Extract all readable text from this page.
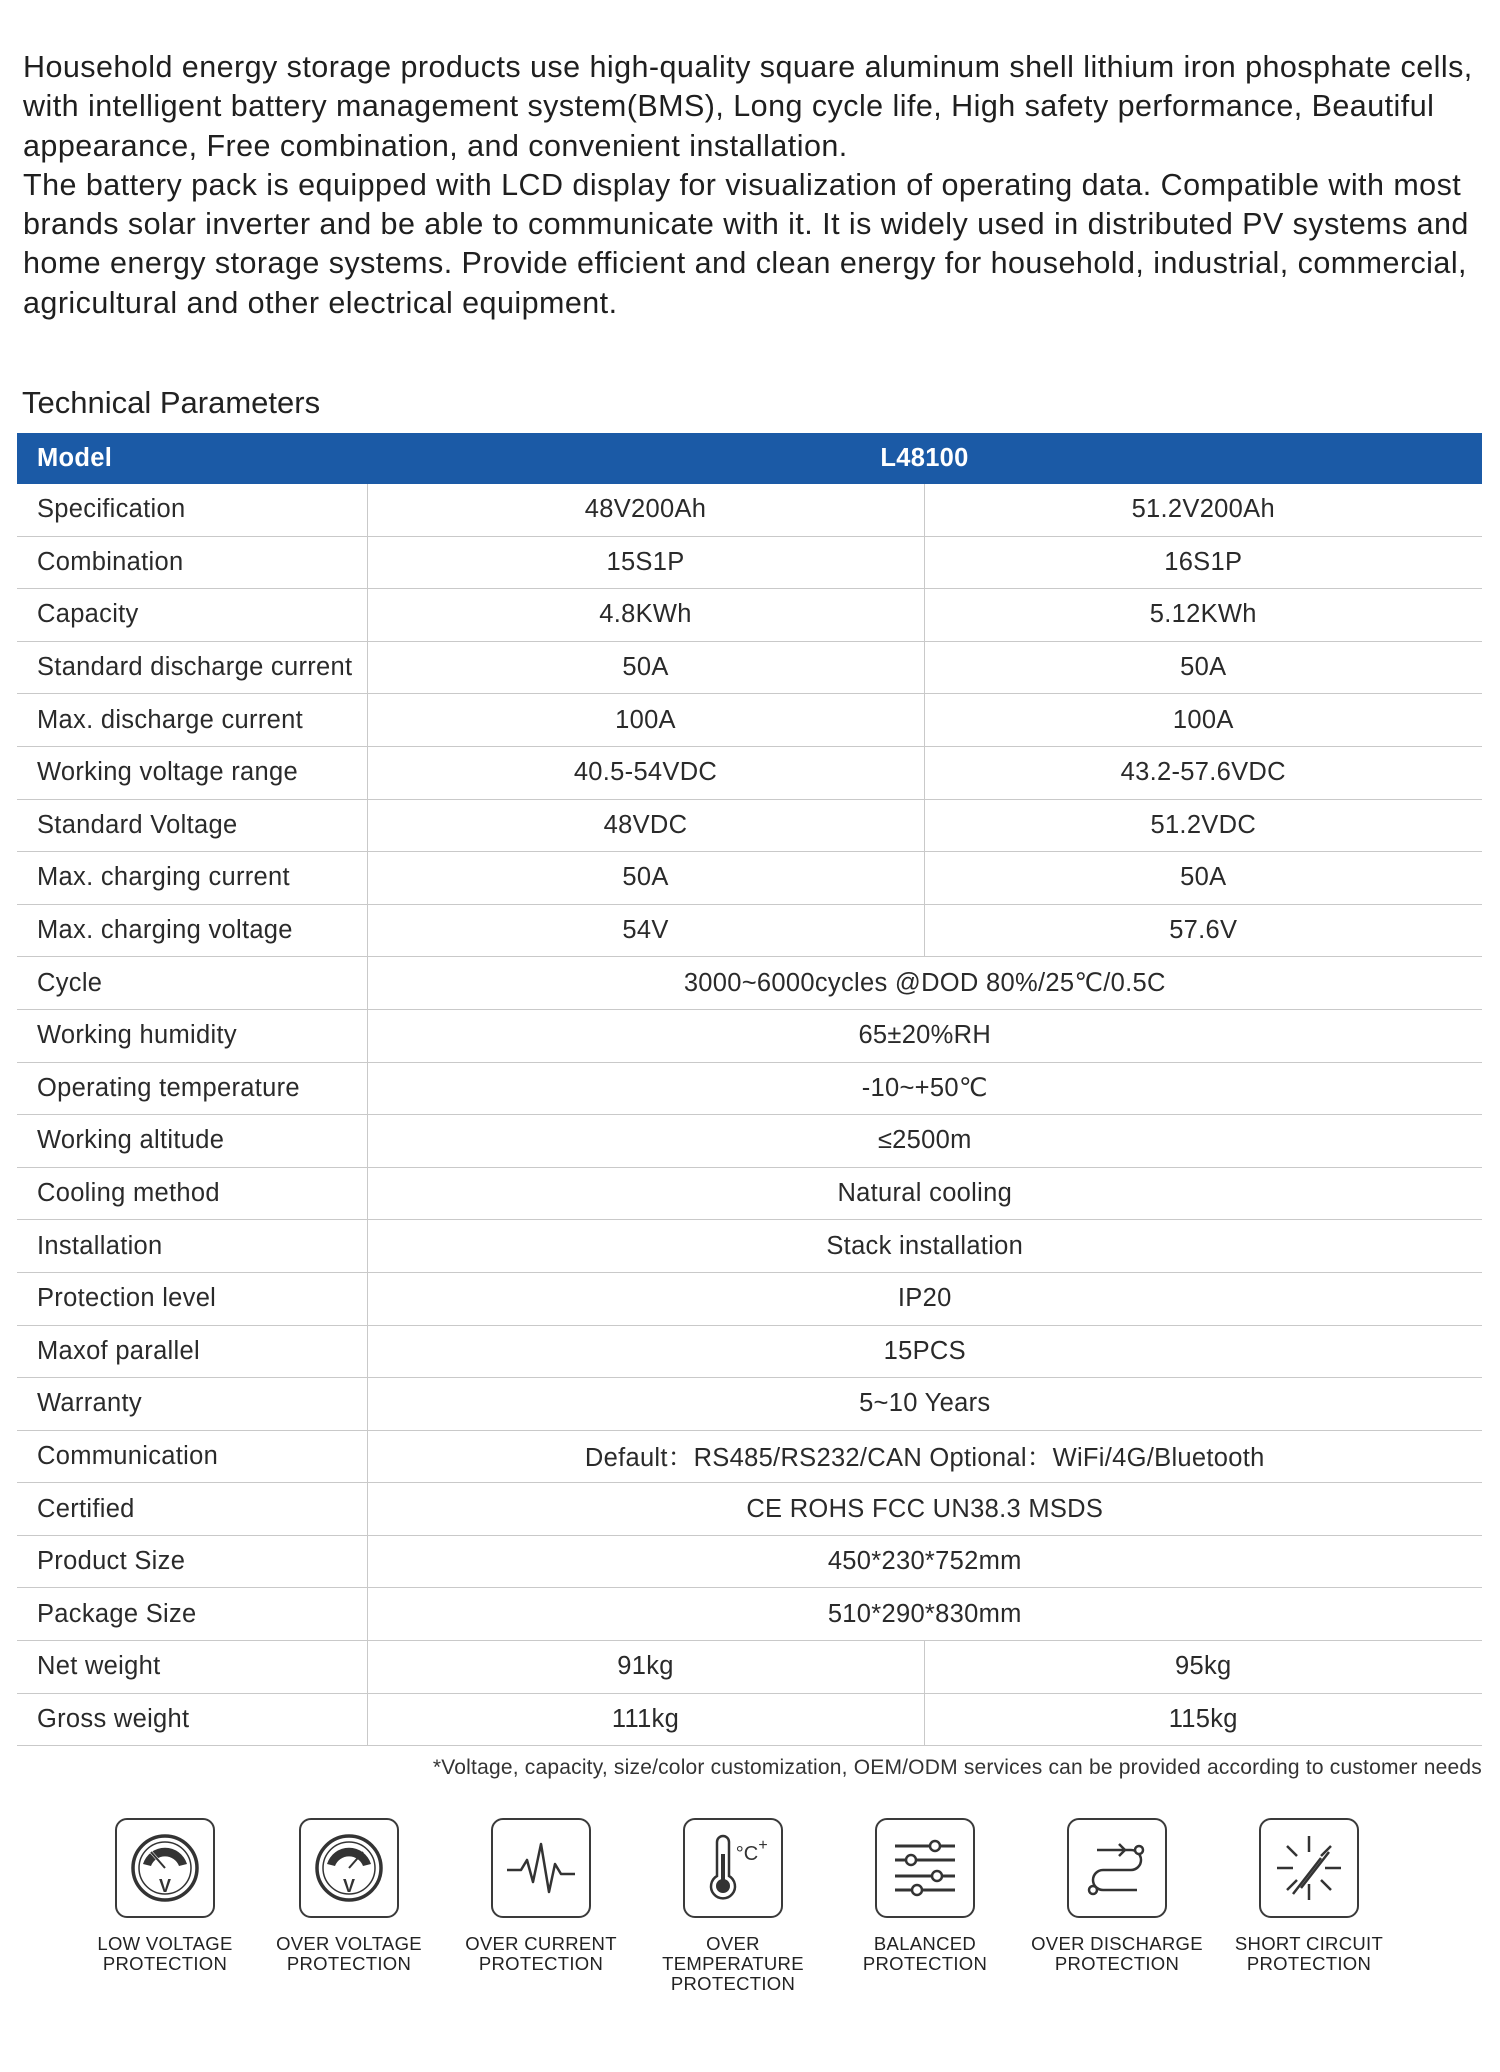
Household energy storage products use high-quality square aluminum shell lithium iron phosphate cells, with intelligent battery management system(BMS), Long cycle life, High safety performance, Beautiful appearance, Free combination, and convenient installation.

The battery pack is equipped with LCD display for visualization of operating data. Compatible with most brands solar inverter and be able to communicate with it. It is widely used in distributed PV systems and home energy storage systems. Provide efficient and clean energy for household, industrial, commercial, agricultural and other electrical equipment.

Technical Parameters
Model	L48100	
Specification	48V200Ah	51.2V200Ah
Combination	15S1P	16S1P
Capacity	4.8KWh	5.12KWh
Standard discharge current	50A	50A
Max. discharge current	100A	100A
Working voltage range	40.5-54VDC	43.2-57.6VDC
Standard Voltage	48VDC	51.2VDC
Max. charging current	50A	50A
Max. charging voltage	54V	57.6V
Cycle	3000~6000cycles @DOD 80%/25℃/0.5C	
Working humidity	65±20%RH	
Operating temperature	-10~+50℃	
Working altitude	≤2500m	
Cooling method	Natural cooling	
Installation	Stack installation	
Protection level	IP20	
Maxof parallel	15PCS	
Warranty	5~10 Years	
Communication	Default：RS485/RS232/CAN Optional：WiFi/4G/Bluetooth	
Certified	CE ROHS FCC UN38.3 MSDS	
Product Size	450*230*752mm	
Package Size	510*290*830mm	
Net weight	91kg	95kg
Gross weight	111kg	115kg
*Voltage, capacity, size/color customization, OEM/ODM services can be provided according to customer needs
V
LOW VOLTAGE
PROTECTION
V
OVER VOLTAGE
PROTECTION
OVER CURRENT
PROTECTION
°C +
OVER TEMPERATURE
PROTECTION
BALANCED
PROTECTION
OVER DISCHARGE
PROTECTION
SHORT CIRCUIT
PROTECTION
